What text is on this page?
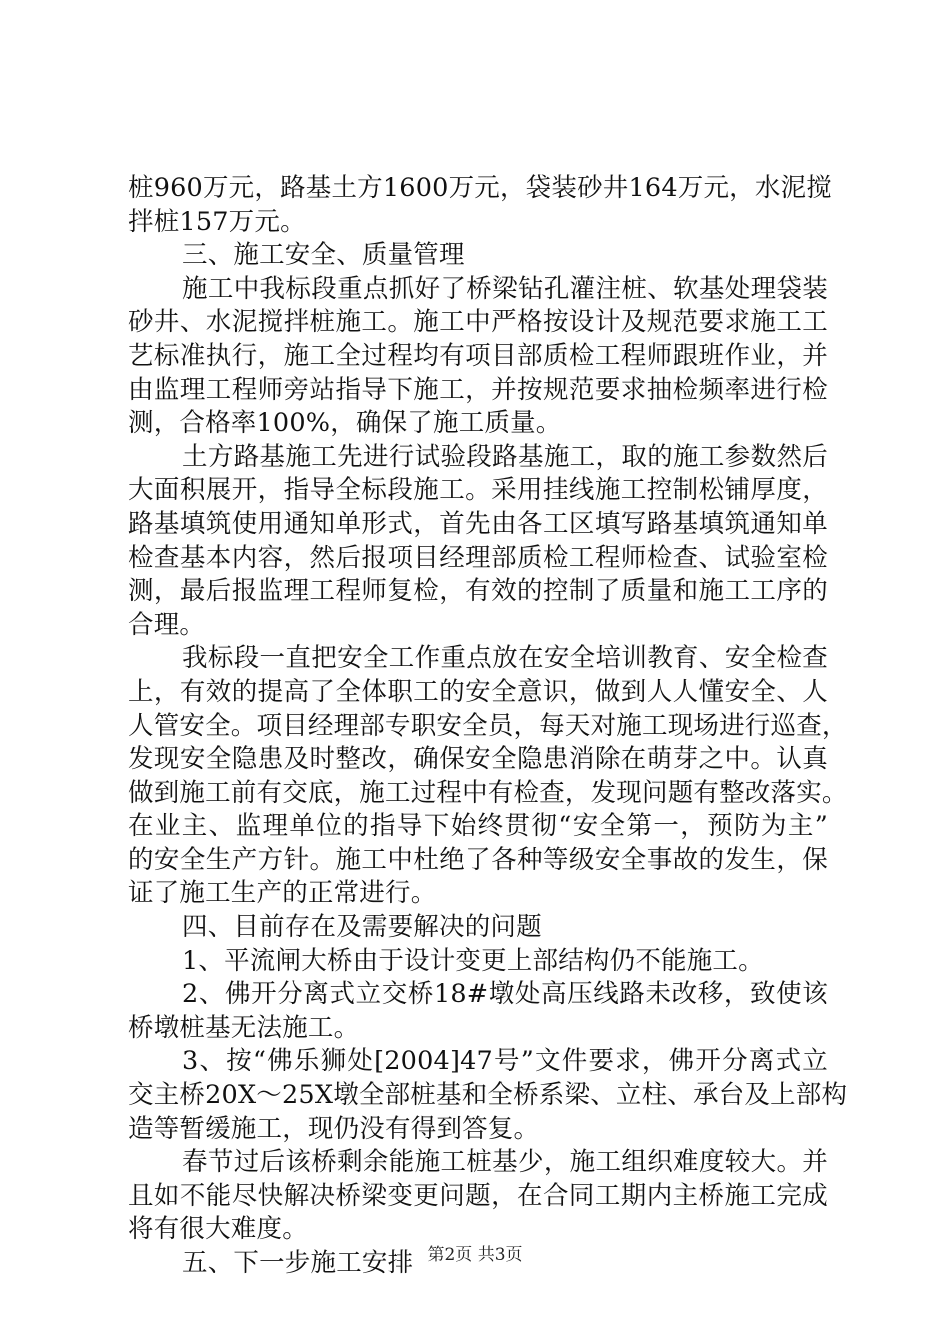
桩960万元，路基土方1600万元，袋装砂井164万元，水泥搅
拌桩157万元。
三、施工安全、质量管理
施工中我标段重点抓好了桥梁钻孔灌注桩、软基处理袋装
砂井、水泥搅拌桩施工。施工中严格按设计及规范要求施工工
艺标准执行，施工全过程均有项目部质检工程师跟班作业，并
由监理工程师旁站指导下施工，并按规范要求抽检频率进行检
测，合格率100%，确保了施工质量。
土方路基施工先进行试验段路基施工，取的施工参数然后
大面积展开，指导全标段施工。采用挂线施工控制松铺厚度，
路基填筑使用通知单形式，首先由各工区填写路基填筑通知单
检查基本内容，然后报项目经理部质检工程师检查、试验室检
测，最后报监理工程师复检，有效的控制了质量和施工工序的
合理。
我标段一直把安全工作重点放在安全培训教育、安全检查
上，有效的提高了全体职工的安全意识，做到人人懂安全、人
人管安全。项目经理部专职安全员，每天对施工现场进行巡查，
发现安全隐患及时整改，确保安全隐患消除在萌芽之中。认真
做到施工前有交底，施工过程中有检查，发现问题有整改落实。
在业主、监理单位的指导下始终贯彻“安全第一，预防为主”
的安全生产方针。施工中杜绝了各种等级安全事故的发生，保
证了施工生产的正常进行。
四、目前存在及需要解决的问题
1、平流闸大桥由于设计变更上部结构仍不能施工。
2、佛开分离式立交桥18#墩处高压线路未改移，致使该
桥墩桩基无法施工。
3、按“佛乐狮处[2004]47号”文件要求，佛开分离式立
交主桥20X～25X墩全部桩基和全桥系梁、立柱、承台及上部构
造等暂缓施工，现仍没有得到答复。
春节过后该桥剩余能施工桩基少，施工组织难度较大。并
且如不能尽快解决桥梁变更问题，在合同工期内主桥施工完成
将有很大难度。
五、下一步施工安排 第2页 共3页
